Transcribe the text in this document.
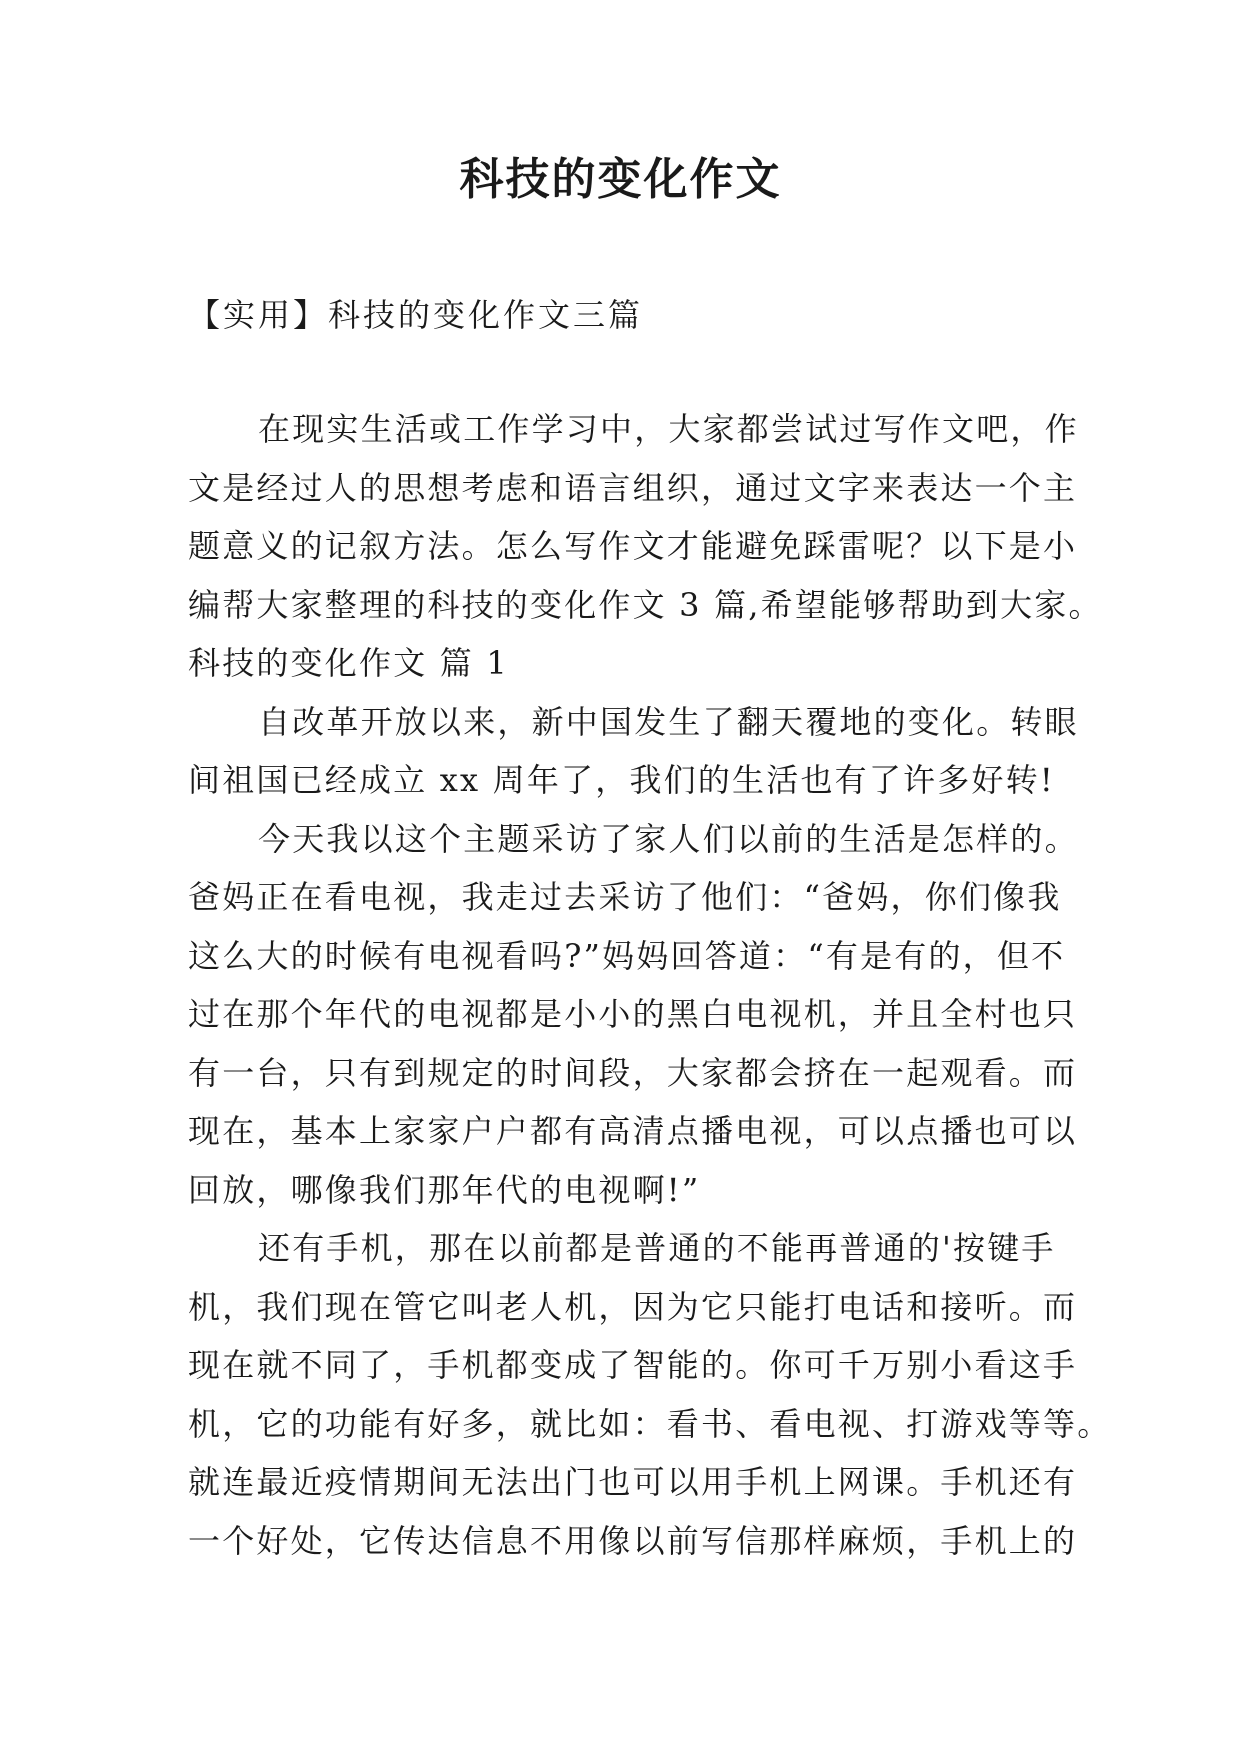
科技的变化作文
【实用】科技的变化作文三篇
在现实生活或工作学习中，大家都尝试过写作文吧，作
文是经过人的思想考虑和语言组织，通过文字来表达一个主
题意义的记叙方法。怎么写作文才能避免踩雷呢？以下是小
编帮大家整理的科技的变化作文 3 篇,希望能够帮助到大家。
科技的变化作文 篇 1
自改革开放以来，新中国发生了翻天覆地的变化。转眼
间祖国已经成立 xx 周年了，我们的生活也有了许多好转!
今天我以这个主题采访了家人们以前的生活是怎样的。
爸妈正在看电视，我走过去采访了他们：“爸妈，你们像我
这么大的时候有电视看吗?”妈妈回答道：“有是有的，但不
过在那个年代的电视都是小小的黑白电视机，并且全村也只
有一台，只有到规定的时间段，大家都会挤在一起观看。而
现在，基本上家家户户都有高清点播电视，可以点播也可以
回放，哪像我们那年代的电视啊!”
还有手机，那在以前都是普通的不能再普通的'按键手
机，我们现在管它叫老人机，因为它只能打电话和接听。而
现在就不同了，手机都变成了智能的。你可千万别小看这手
机，它的功能有好多，就比如：看书、看电视、打游戏等等。
就连最近疫情期间无法出门也可以用手机上网课。手机还有
一个好处，它传达信息不用像以前写信那样麻烦，手机上的
